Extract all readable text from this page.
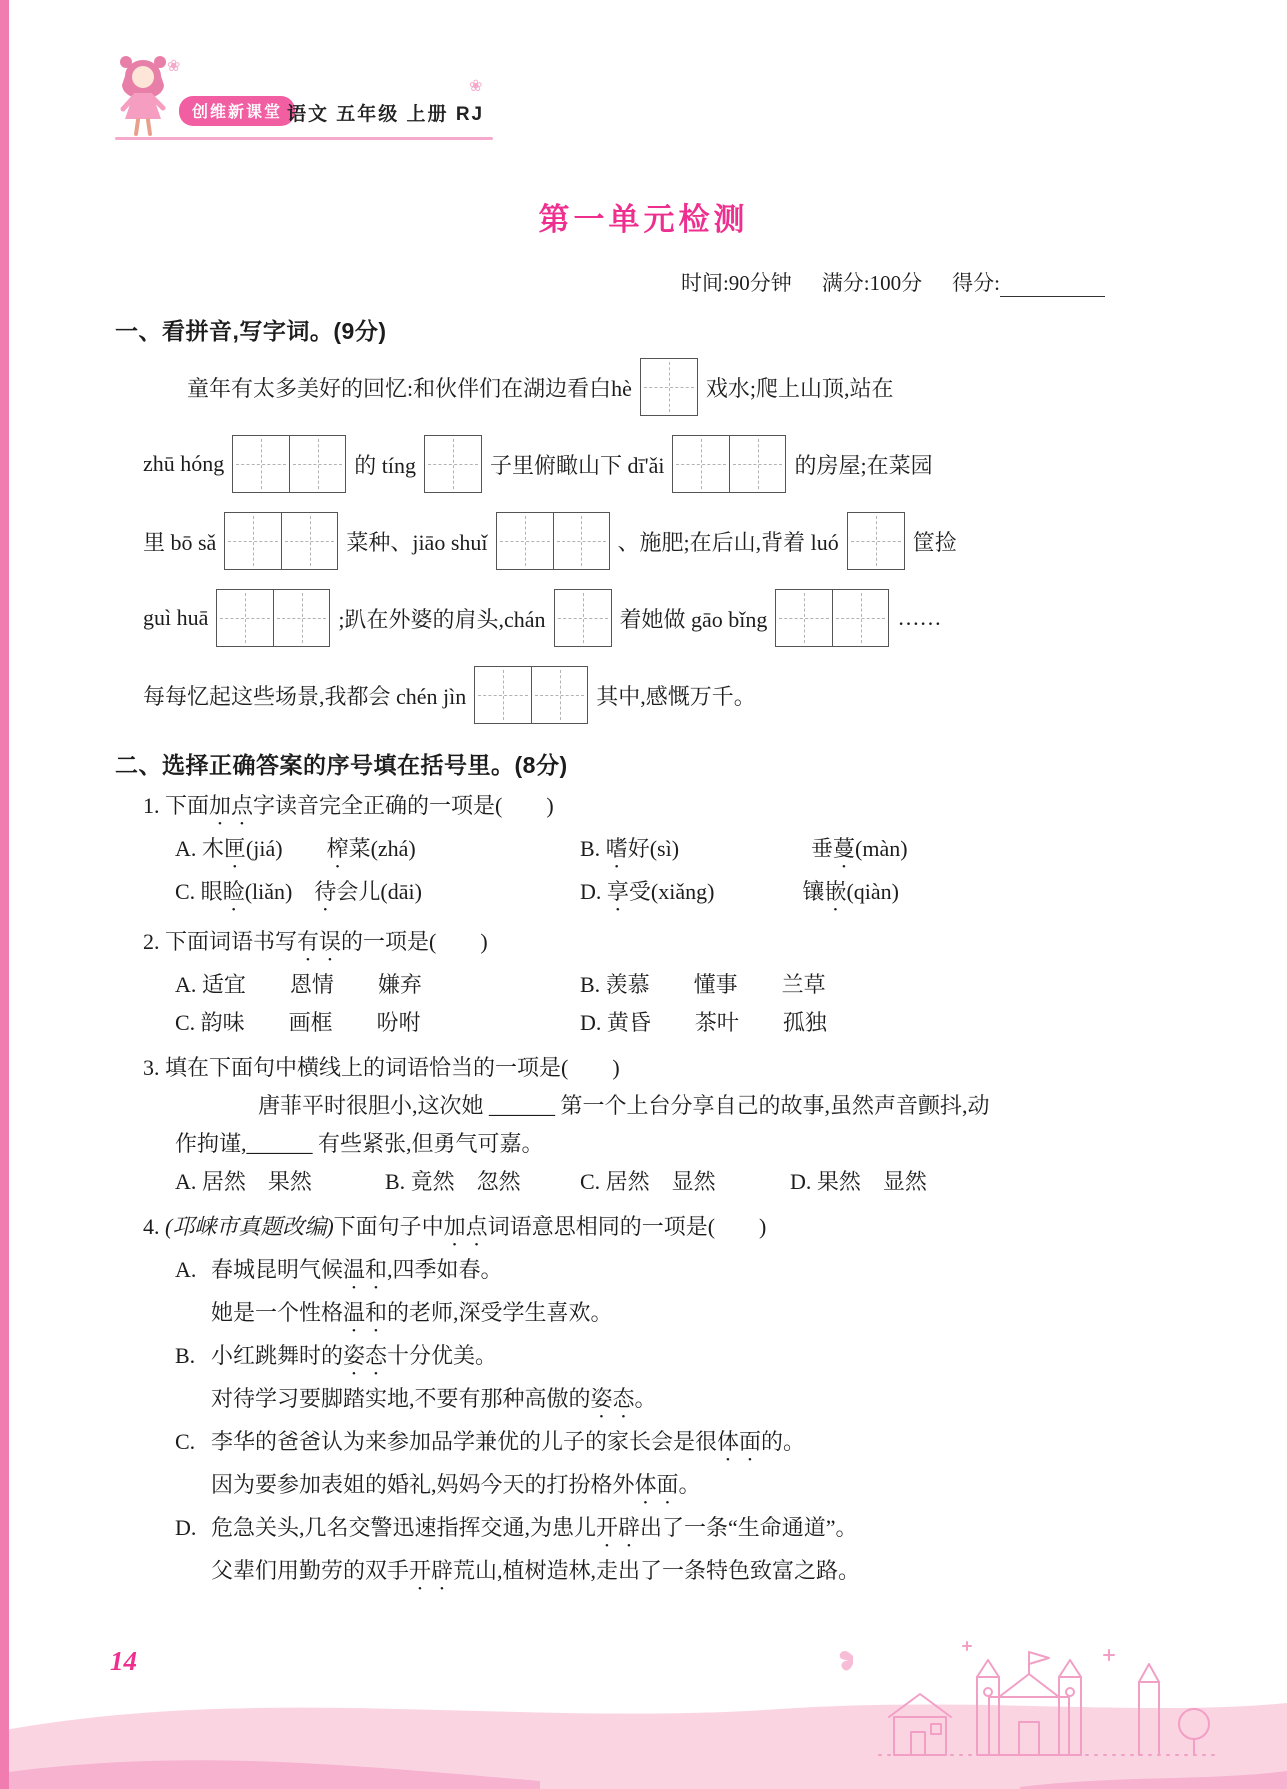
14
❀
创维新课堂 语文 五年级 上册 RJ
❀
第一单元检测
时间:90分钟 满分:100分 得分:
一、看拼音,写字词。(9分)
童年有太多美好的回忆:和伙伴们在湖边看白hè	戏水;爬上山顶,站在
zhū hóng	的 tíng	子里俯瞰山下 dī'ǎi	的房屋;在菜园
里 bō sǎ	菜种、jiāo shuǐ	、施肥;在后山,背着 luó	筐捡
guì huā	;趴在外婆的肩头,chán	着她做 gāo bǐng	……
每每忆起这些场景,我都会 chén jìn	其中,感慨万千。
二、选择正确答案的序号填在括号里。(8分)
1. 下面加点字读音完全正确的一项是(　　)
A. 木匣(jiá)　　榨菜(zhá)	B. 嗜好(sì)　　　　　　垂蔓(màn)
C. 眼睑(liǎn)　待会儿(dāi)	D. 享受(xiǎng)　　　　镶嵌(qiàn)
2. 下面词语书写有误的一项是(　　)
A. 适宜　　恩情　　嫌弃	B. 羡慕　　懂事　　兰草
C. 韵味　　画框　　吩咐	D. 黄昏　　茶叶　　孤独
3. 填在下面句中横线上的词语恰当的一项是(　　)
唐菲平时很胆小,这次她 ______ 第一个上台分享自己的故事,虽然声音颤抖,动
作拘谨,______ 有些紧张,但勇气可嘉。
A. 居然　果然	B. 竟然　忽然	C. 居然　显然	D. 果然　显然
4. (邛崃市真题改编)下面句子中加点词语意思相同的一项是(　　)
A. 春城昆明气候温和,四季如春。
她是一个性格温和的老师,深受学生喜欢。
B. 小红跳舞时的姿态十分优美。
对待学习要脚踏实地,不要有那种高傲的姿态。
C. 李华的爸爸认为来参加品学兼优的儿子的家长会是很体面的。
因为要参加表姐的婚礼,妈妈今天的打扮格外体面。
D. 危急关头,几名交警迅速指挥交通,为患儿开辟出了一条“生命通道”。
父辈们用勤劳的双手开辟荒山,植树造林,走出了一条特色致富之路。
